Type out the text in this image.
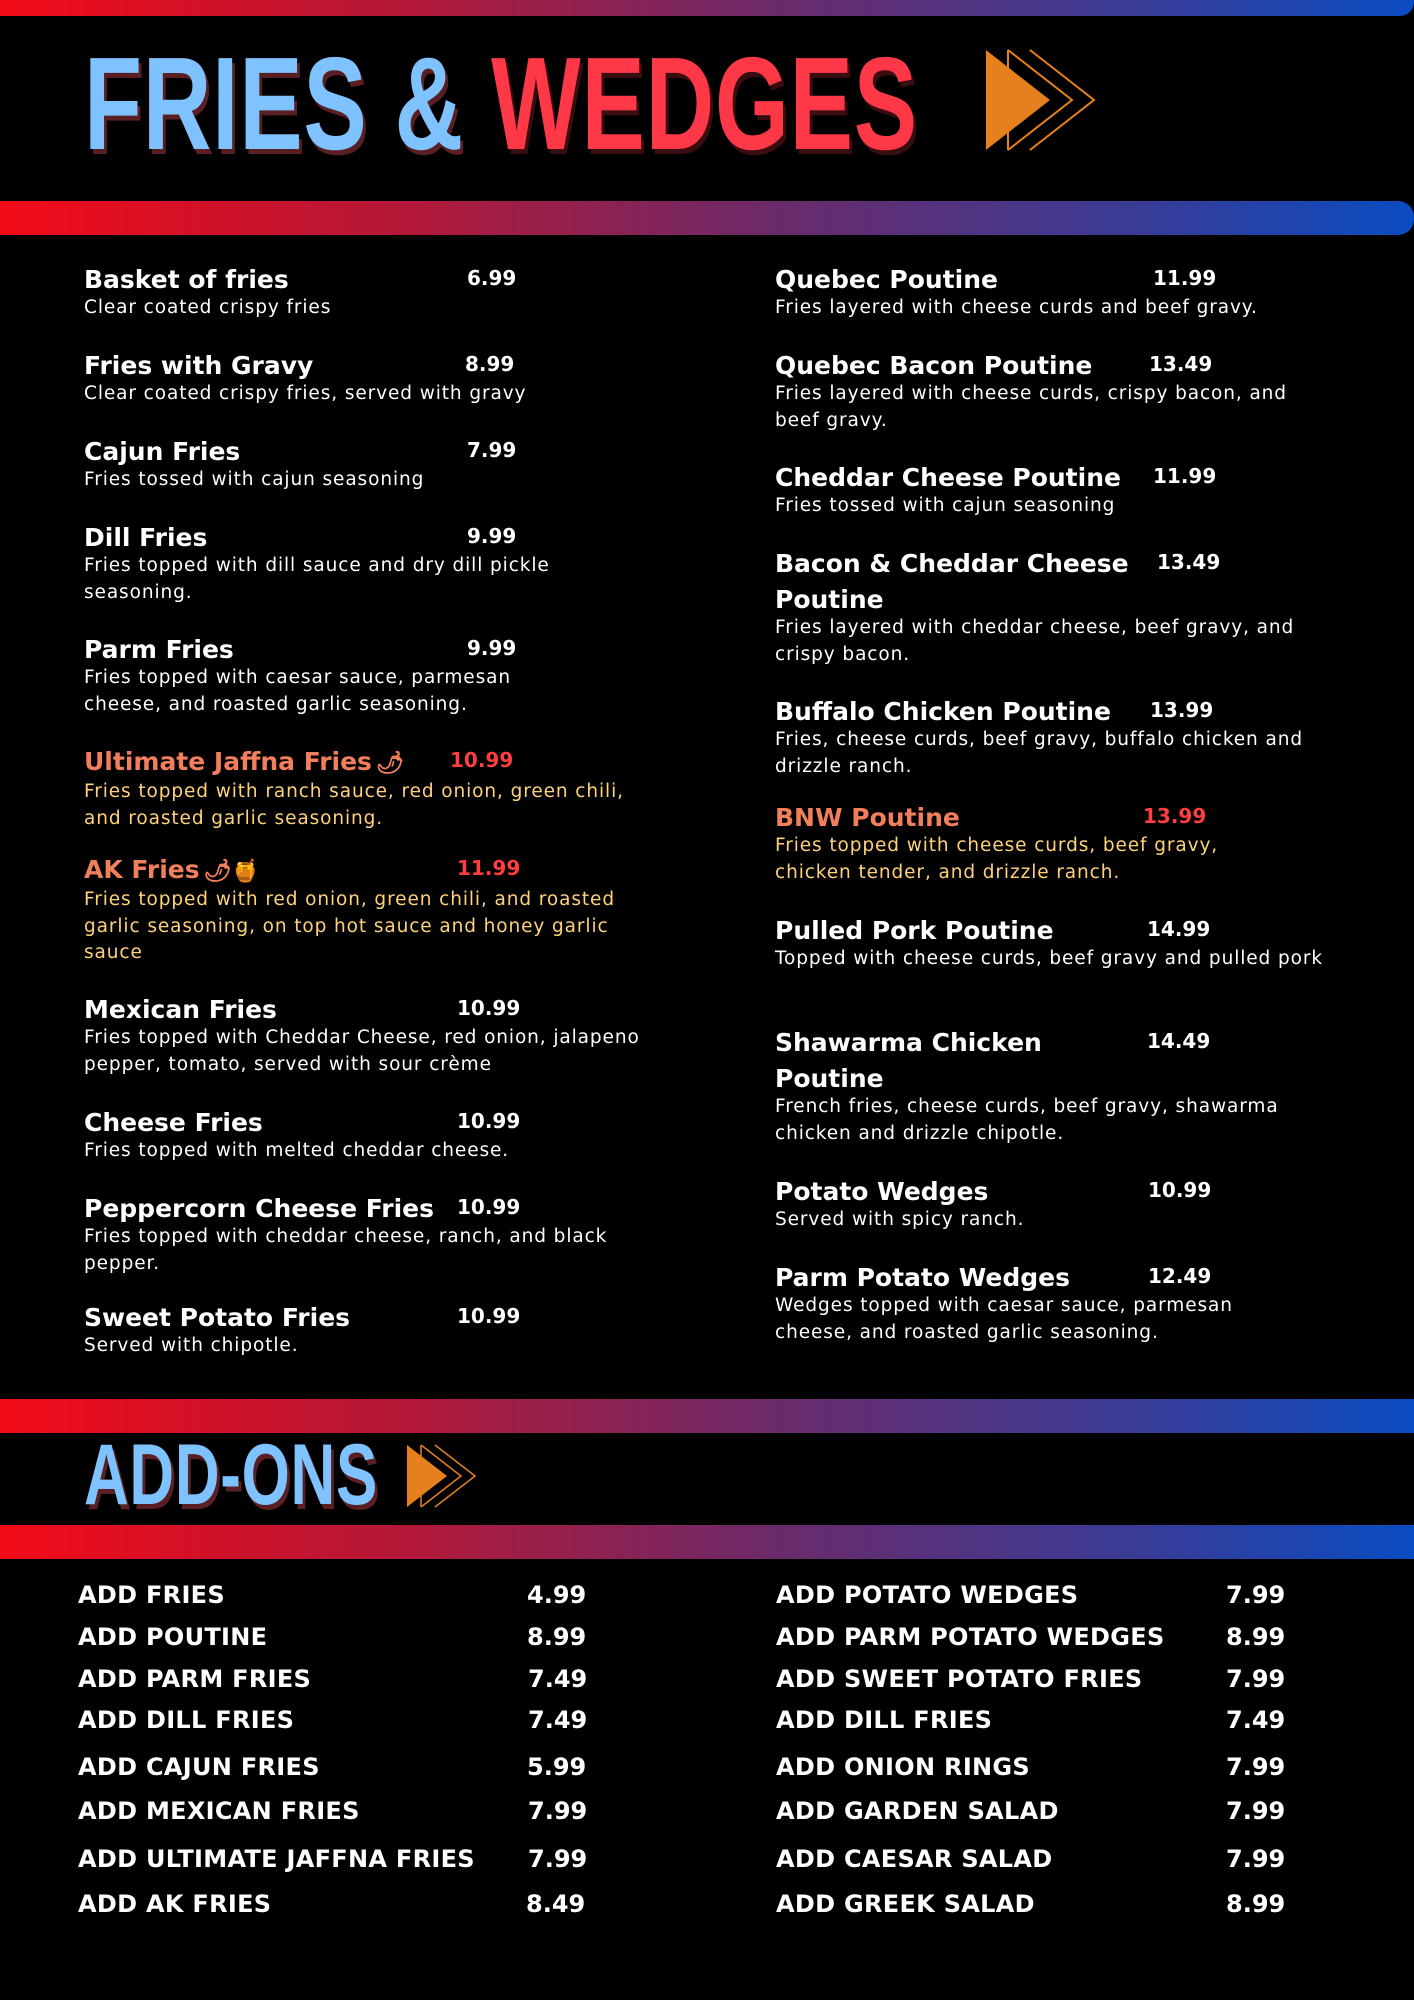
FRIES & WEDGES
Basket of fries	6.99
Clear coated crispy fries
Fries with Gravy	8.99
Clear coated crispy fries, served with gravy
Cajun Fries	7.99
Fries tossed with cajun seasoning
Dill Fries	9.99
Fries topped with dill sauce and dry dill pickle seasoning.
Parm Fries	9.99
Fries topped with caesar sauce, parmesan cheese, and roasted garlic seasoning.
Ultimate Jaffna Fries 🌶 10.99
Fries topped with ranch sauce, red onion, green chili, and roasted garlic seasoning.
AK Fries 🌶🍯	11.99
Fries topped with red onion, green chili, and roasted garlic seasoning, on top hot sauce and honey garlic sauce
Mexican Fries	10.99
Fries topped with Cheddar Cheese, red onion, jalapeno pepper, tomato, served with sour crème
Cheese Fries	10.99
Fries topped with melted cheddar cheese.
Peppercorn Cheese Fries 10.99
Fries topped with cheddar cheese, ranch, and black pepper.
Sweet Potato Fries	10.99
Served with chipotle.
Quebec Poutine	11.99
Fries layered with cheese curds and beef gravy.
Quebec Bacon Poutine	13.49
Fries layered with cheese curds, crispy bacon, and beef gravy.
Cheddar Cheese Poutine 11.99
Fries tossed with cajun seasoning
Bacon & Cheddar Cheese Poutine
13.49
Fries layered with cheddar cheese, beef gravy, and crispy bacon.
Buffalo Chicken Poutine 13.99
Fries, cheese curds, beef gravy, buffalo chicken and drizzle ranch.
BNW Poutine	13.99
Fries topped with cheese curds, beef gravy, chicken tender, and drizzle ranch.
Pulled Pork Poutine	14.99
Topped with cheese curds, beef gravy and pulled pork
Shawarma Chicken Poutine
14.49
French fries, cheese curds, beef gravy, shawarma chicken and drizzle chipotle.
Potato Wedges	10.99
Served with spicy ranch.
Parm Potato Wedges	12.49
Wedges topped with caesar sauce, parmesan cheese, and roasted garlic seasoning.
ADD-ONS
ADD FRIES	4.99
ADD POUTINE	8.99
ADD PARM FRIES	7.49
ADD DILL FRIES	7.49
ADD CAJUN FRIES	5.99
ADD MEXICAN FRIES	7.99
ADD ULTIMATE JAFFNA FRIES 7.99
ADD AK FRIES	8.49
ADD POTATO WEDGES	7.99
ADD PARM POTATO WEDGES	8.99
ADD SWEET POTATO FRIES	7.99
ADD DILL FRIES	7.49
ADD ONION RINGS	7.99
ADD GARDEN SALAD	7.99
ADD CAESAR SALAD	7.99
ADD GREEK SALAD	8.99
